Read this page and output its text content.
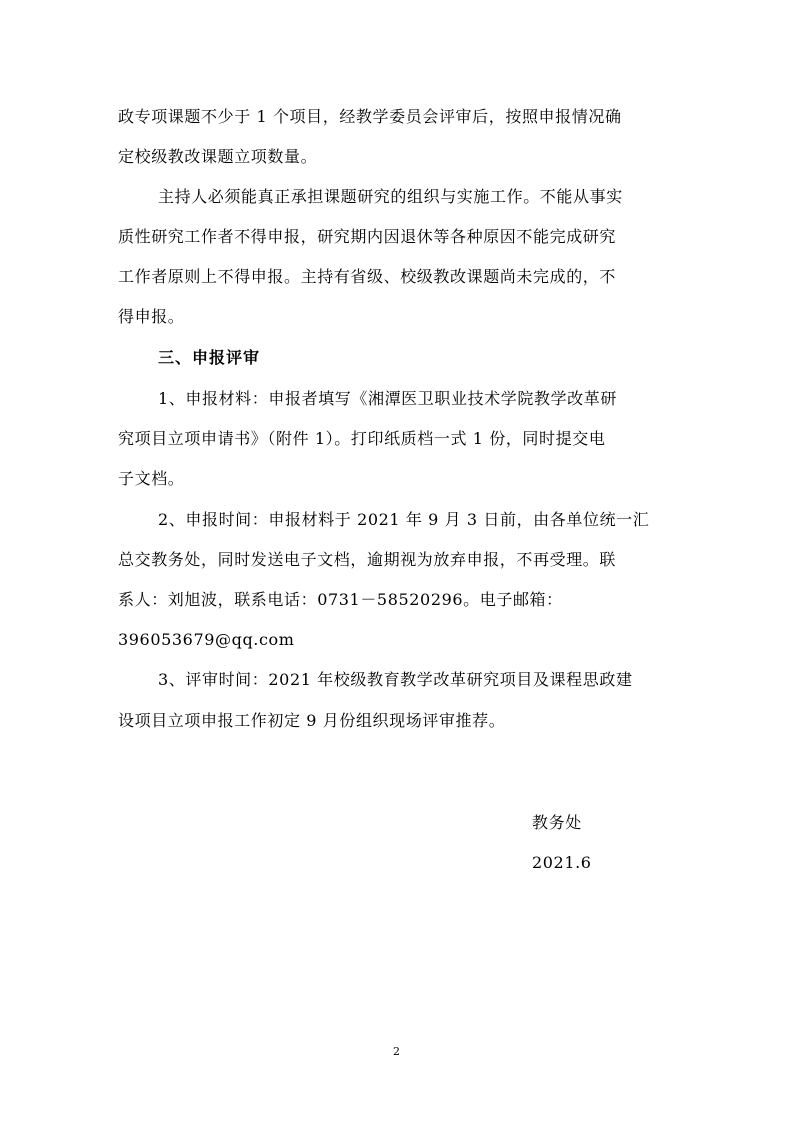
政专项课题不少于 1 个项目，经教学委员会评审后，按照申报情况确
定校级教改课题立项数量。
主持人必须能真正承担课题研究的组织与实施工作。不能从事实
质性研究工作者不得申报，研究期内因退休等各种原因不能完成研究
工作者原则上不得申报。主持有省级、校级教改课题尚未完成的，不
得申报。
三、申报评审
1、申报材料：申报者填写《湘潭医卫职业技术学院教学改革研
究项目立项申请书》（附件 1）。打印纸质档一式 1 份，同时提交电
子文档。
2、申报时间：申报材料于 2021 年 9 月 3 日前，由各单位统一汇
总交教务处，同时发送电子文档，逾期视为放弃申报，不再受理。联
系人：刘旭波，联系电话：0731－58520296。电子邮箱：
396053679@qq.com
3、评审时间：2021 年校级教育教学改革研究项目及课程思政建
设项目立项申报工作初定 9 月份组织现场评审推荐。
教务处
2021.6
2
